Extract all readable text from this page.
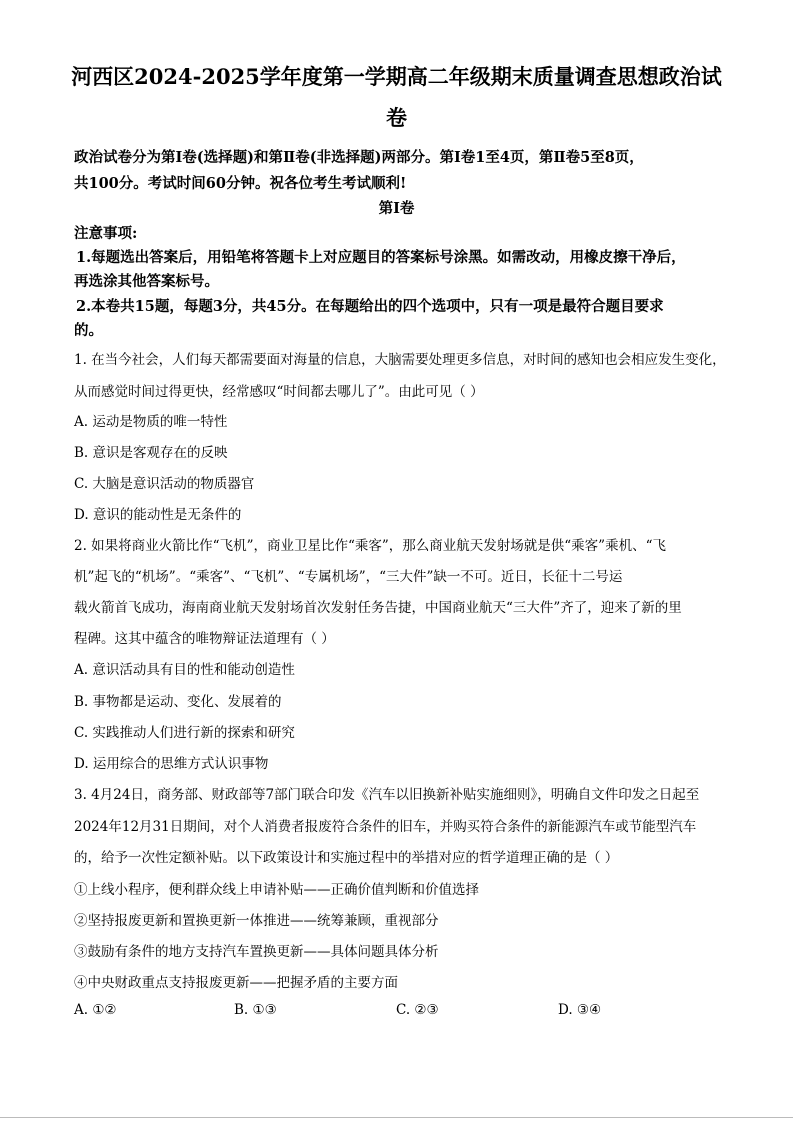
河西区2024-2025学年度第一学期高二年级期末质量调查思想政治试
卷
政治试卷分为第Ⅰ卷(选择题)和第Ⅱ卷(非选择题)两部分。第Ⅰ卷1至4页，第Ⅱ卷5至8页，
共100分。考试时间60分钟。祝各位考生考试顺利!
第Ⅰ卷
注意事项:
1.每题选出答案后，用铅笔将答题卡上对应题目的答案标号涂黑。如需改动，用橡皮擦干净后，
再选涂其他答案标号。
2.本卷共15题，每题3分，共45分。在每题给出的四个选项中，只有一项是最符合题目要求
的。
1. 在当今社会，人们每天都需要面对海量的信息，大脑需要处理更多信息，对时间的感知也会相应发生变化，
从而感觉时间过得更快，经常感叹“时间都去哪儿了”。由此可见（ ）
A. 运动是物质的唯一特性
B. 意识是客观存在的反映
C. 大脑是意识活动的物质器官
D. 意识的能动性是无条件的
2. 如果将商业火箭比作“飞机”，商业卫星比作“乘客”，那么商业航天发射场就是供“乘客”乘机、“飞
机”起飞的“机场”。“乘客”、“飞机”、“专属机场”，“三大件”缺一不可。近日，长征十二号运
载火箭首飞成功，海南商业航天发射场首次发射任务告捷，中国商业航天“三大件”齐了，迎来了新的里
程碑。这其中蕴含的唯物辩证法道理有（ ）
A. 意识活动具有目的性和能动创造性
B. 事物都是运动、变化、发展着的
C. 实践推动人们进行新的探索和研究
D. 运用综合的思维方式认识事物
3. 4月24日，商务部、财政部等7部门联合印发《汽车以旧换新补贴实施细则》，明确自文件印发之日起至
2024年12月31日期间，对个人消费者报废符合条件的旧车，并购买符合条件的新能源汽车或节能型汽车
的，给予一次性定额补贴。以下政策设计和实施过程中的举措对应的哲学道理正确的是（ ）
①上线小程序，便利群众线上申请补贴——正确价值判断和价值选择
②坚持报废更新和置换更新一体推进——统筹兼顾，重视部分
③鼓励有条件的地方支持汽车置换更新——具体问题具体分析
④中央财政重点支持报废更新——把握矛盾的主要方面
A. ①②	B. ①③	C. ②③	D. ③④
